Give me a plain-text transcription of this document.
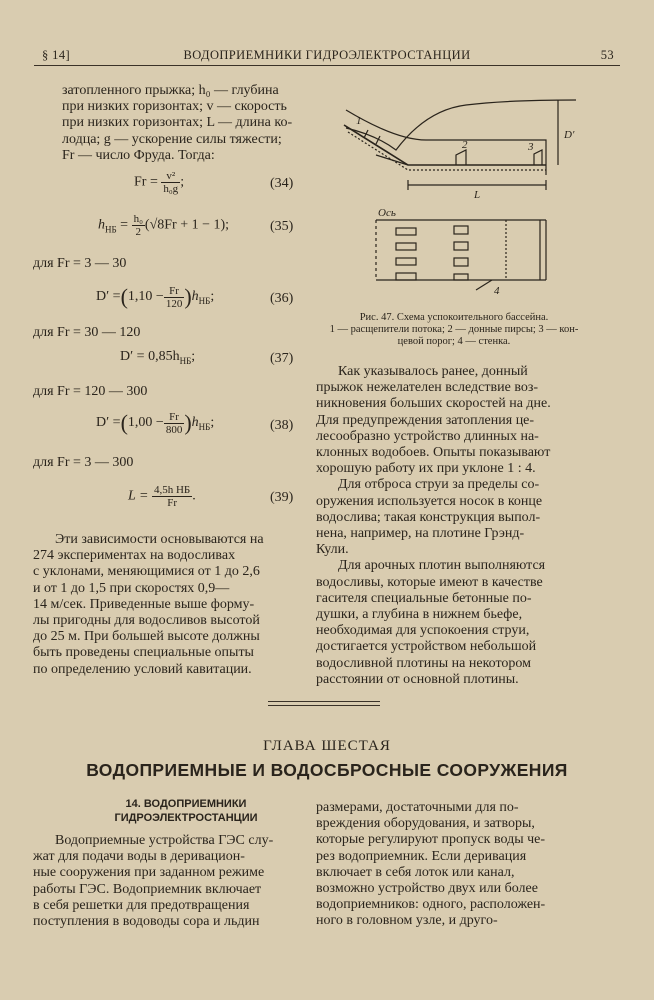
§ 14]	ВОДОПРИЕМНИКИ ГИДРОЭЛЕКТРОСТАНЦИИ	53
затопленного прыжка; h₀ — глубина
при низких горизонтах; v — скорость
при низких горизонтах; L — длина ко-
лодца; g — ускорение силы тяжести;
Fr — число Фруда. Тогда:
$Fr = \frac{\text{v²}}{\text{h₀g}}$ ;	(34)
$h_{НБ} = \frac{\text{h₀}}{2} (√8Fr + 1 - 1)$;	(35)
для Fr = 3 — 30
$D' =(1,10 - \frac{Fr}{120} )h_{НБ}$;	(36)
для Fr = 30 — 120
$D' = 0,85h_{НБ}$;	(37)
для Fr = 120 — 300
$D' =(1,00 - \frac{Fr}{800} )h_{НБ}$;	(38)
для Fr = 3 — 300
$L = \frac{\text{4,5h НБ}}{Fr}$ .	(39)
Эти зависимости основываются на
274 экспериментах на водосливах
с уклонами, меняющимися от 1 до 2,6
и от 1 до 1,5 при скоростях 0,9—
14 м/сек. Приведенные выше форму-
лы пригодны для водосливов высотой
до 25 м. При большей высоте должны
быть проведены специальные опыты
по определению условий кавитации.
1
2	3
4
D′
L
Ось
Рис. 47. Схема успокоительного бассейна.
1 — расщепители потока; 2 — донные пирсы; 3 — кон-
цевой порог; 4 — стенка.
Как указывалось ранее, донный
прыжок нежелателен вследствие воз-
никновения больших скоростей на дне.
Для предупреждения затопления це-
лесообразно устройство длинных на-
клонных водобоев. Опыты показывают
хорошую работу их при уклоне 1 : 4.
Для отброса струи за пределы со-
оружения используется носок в конце
водослива; такая конструкция выпол-
нена, например, на плотине Грэнд-
Кули.
Для арочных плотин выполняются
водосливы, которые имеют в качестве
гасителя специальные бетонные по-
душки, а глубина в нижнем бьефе,
необходимая для успокоения струи,
достигается устройством небольшой
водосливной плотины на некотором
расстоянии от основной плотины.
ГЛАВА ШЕСТАЯ
ВОДОПРИЕМНЫЕ И ВОДОСБРОСНЫЕ СООРУЖЕНИЯ
14. ВОДОПРИЕМНИКИ
ГИДРОЭЛЕКТРОСТАНЦИИ
Водоприемные устройства ГЭС слу-
жат для подачи воды в деривацион-
ные сооружения при заданном режиме
работы ГЭС. Водоприемник включает
в себя решетки для предотвращения
поступления в водоводы сора и льдин
размерами, достаточными для по-
вреждения оборудования, и затворы,
которые регулируют пропуск воды че-
рез водоприемник. Если деривация
включает в себя лоток или канал,
возможно устройство двух или более
водоприемников: одного, расположен-
ного в головном узле, и друго-
